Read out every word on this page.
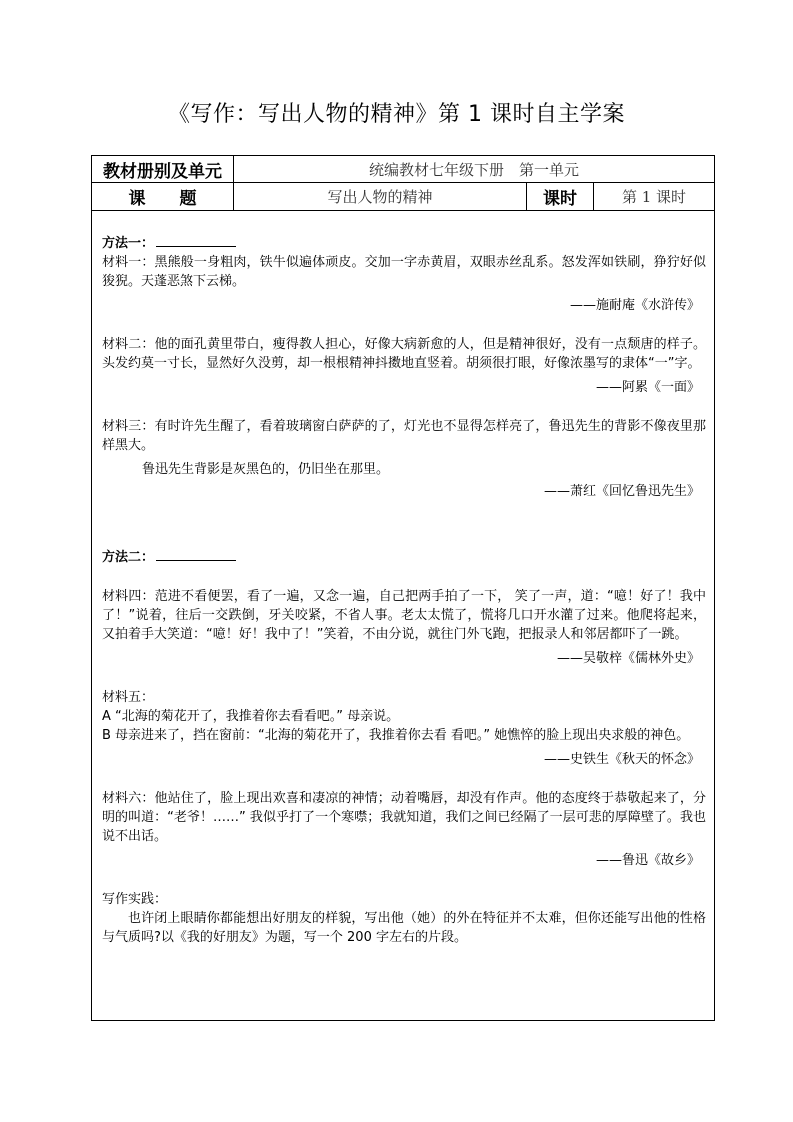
《写作：写出人物的精神》第 1 课时自主学案
教材册别及单元	统编教材七年级下册　第一单元
课题	写出人物的精神	课时	第 1 课时

方法一：

材料一：黑熊般一身粗肉，铁牛似遍体顽皮。交加一字赤黄眉，双眼赤丝乱系。怒发浑如铁刷，狰狞好似狻猊。天蓬恶煞下云梯。

——施耐庵《水浒传》

材料二：他的面孔黄里带白，瘦得教人担心，好像大病新愈的人，但是精神很好，没有一点颓唐的样子。头发约莫一寸长，显然好久没剪，却一根根精神抖擞地直竖着。胡须很打眼，好像浓墨写的隶体“一”字。

——阿累《一面》

材料三：有时许先生醒了，看着玻璃窗白萨萨的了，灯光也不显得怎样亮了，鲁迅先生的背影不像夜里那样黑大。

鲁迅先生背影是灰黑色的，仍旧坐在那里。

——萧红《回忆鲁迅先生》

方法二：

材料四：范进不看便罢，看了一遍，又念一遍，自己把两手拍了一下， 笑了一声，道：“噫！好了！我中了！”说着，往后一交跌倒，牙关咬紧，不省人事。老太太慌了，慌将几口开水灌了过来。他爬将起来，又拍着手大笑道：“噫！好！我中了！”笑着，不由分说，就往门外飞跑，把报录人和邻居都吓了一跳。

——吴敬梓《儒林外史》

材料五：

A “北海的菊花开了，我推着你去看看吧。” 母亲说。

B 母亲进来了，挡在窗前：“北海的菊花开了，我推着你去看 看吧。” 她憔悴的脸上现出央求般的神色。

——史铁生《秋天的怀念》

材料六：他站住了，脸上现出欢喜和凄凉的神情；动着嘴唇，却没有作声。他的态度终于恭敬起来了，分明的叫道：“老爷！……” 我似乎打了一个寒噤；我就知道，我们之间已经隔了一层可悲的厚障壁了。我也说不出话。

——鲁迅《故乡》

写作实践：

也许闭上眼睛你都能想出好朋友的样貌，写出他（她）的外在特征并不太难，但你还能写出他的性格与气质吗?以《我的好朋友》为题，写一个 200 字左右的片段。
